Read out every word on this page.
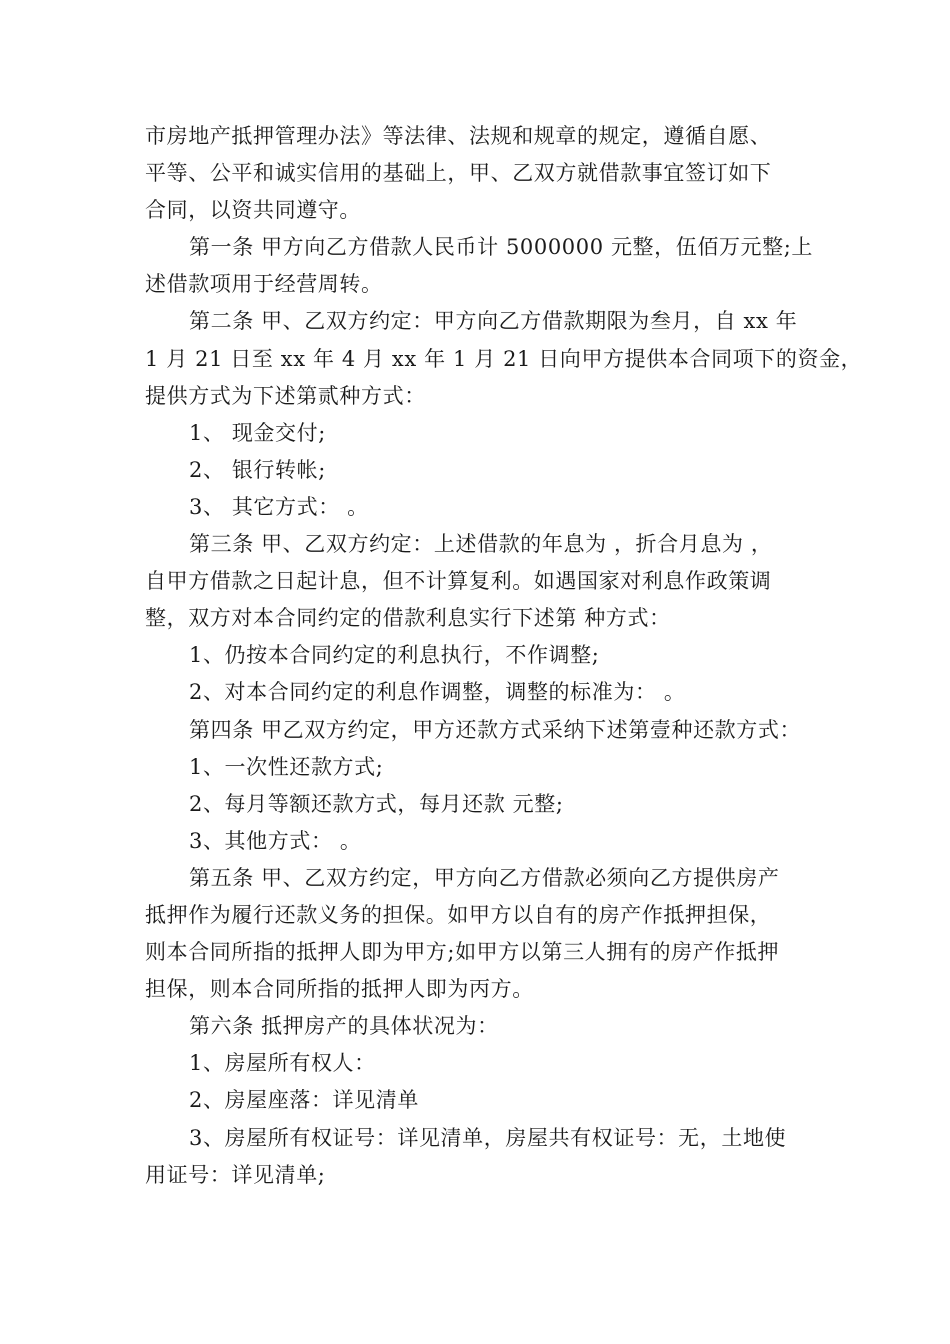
市房地产抵押管理办法》等法律、法规和规章的规定，遵循自愿、
平等、公平和诚实信用的基础上，甲、乙双方就借款事宜签订如下
合同，以资共同遵守。
第一条 甲方向乙方借款人民币计 5000000 元整，伍佰万元整;上
述借款项用于经营周转。
第二条 甲、乙双方约定：甲方向乙方借款期限为叁月，自 xx 年
1 月 21 日至 xx 年 4 月 xx 年 1 月 21 日向甲方提供本合同项下的资金，
提供方式为下述第贰种方式：
1、 现金交付;
2、 银行转帐;
3、 其它方式： 。
第三条 甲、乙双方约定：上述借款的年息为 ，折合月息为 ，
自甲方借款之日起计息，但不计算复利。如遇国家对利息作政策调
整，双方对本合同约定的借款利息实行下述第 种方式：
1、仍按本合同约定的利息执行，不作调整;
2、对本合同约定的利息作调整，调整的标准为： 。
第四条 甲乙双方约定，甲方还款方式采纳下述第壹种还款方式：
1、一次性还款方式;
2、每月等额还款方式，每月还款 元整;
3、其他方式： 。
第五条 甲、乙双方约定，甲方向乙方借款必须向乙方提供房产
抵押作为履行还款义务的担保。如甲方以自有的房产作抵押担保，
则本合同所指的抵押人即为甲方;如甲方以第三人拥有的房产作抵押
担保，则本合同所指的抵押人即为丙方。
第六条 抵押房产的具体状况为：
1、房屋所有权人：
2、房屋座落：详见清单
3、房屋所有权证号：详见清单，房屋共有权证号：无，土地使
用证号：详见清单;
